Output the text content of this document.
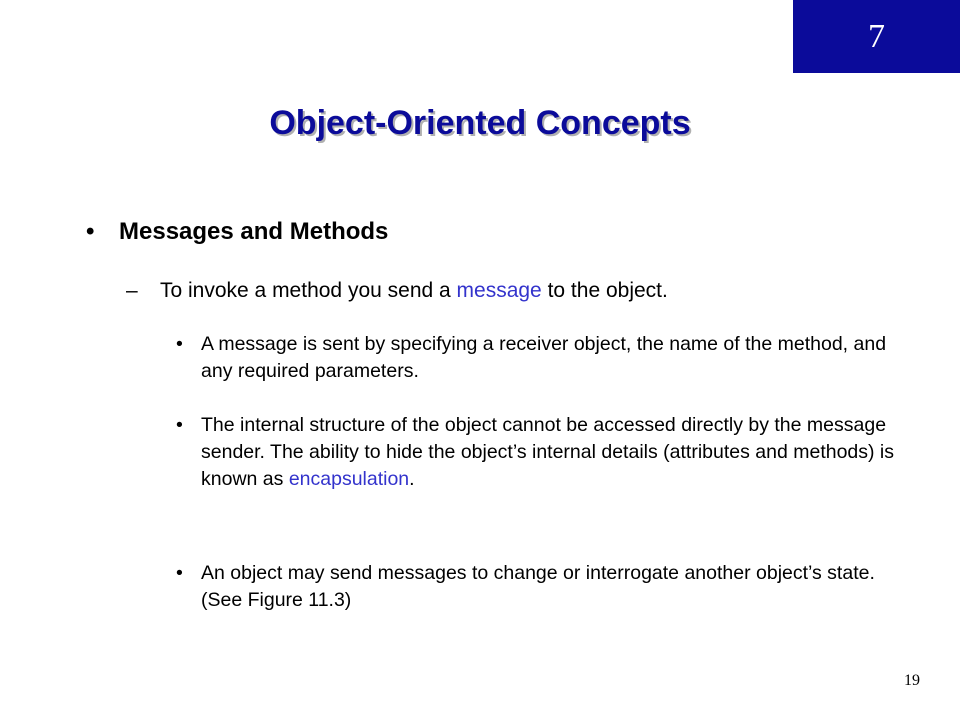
7
Object-Oriented Concepts
•	Messages and Methods
–	To invoke a method you send a message to the object.
• A message is sent by specifying a receiver object, the name of the method, and any required parameters.
• The internal structure of the object cannot be accessed directly by the message sender. The ability to hide the object’s internal details (attributes and methods) is known as encapsulation.
• An object may send messages to change or interrogate another object’s state. (See Figure 11.3)
19
